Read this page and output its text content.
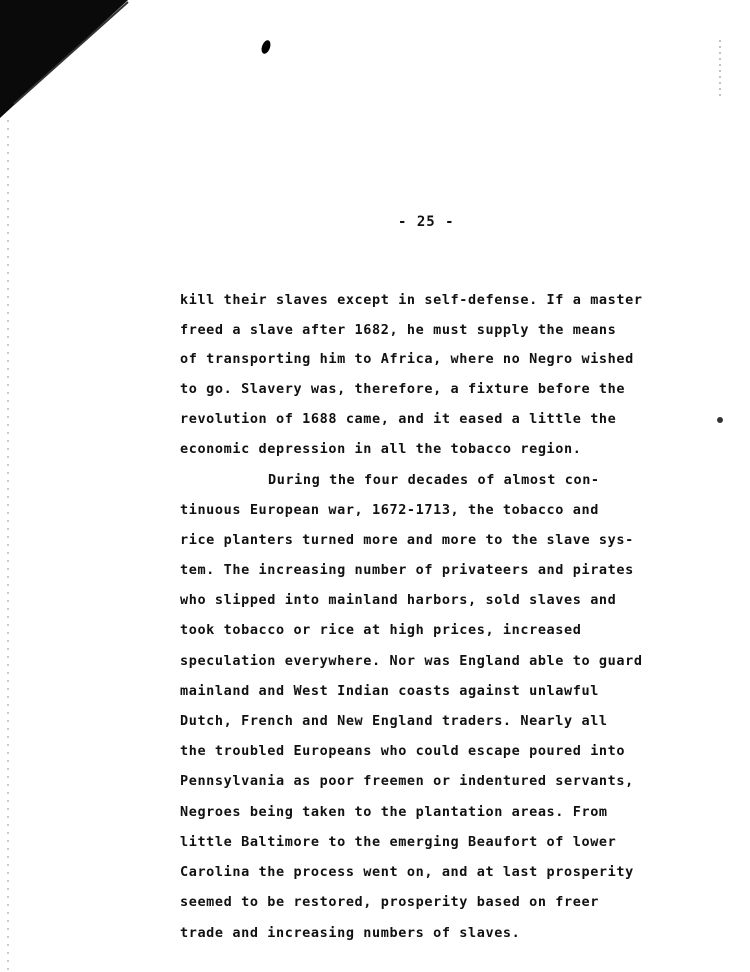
- 25 -
kill their slaves except in self-defense. If a master
freed a slave after 1682, he must supply the means
of transporting him to Africa, where no Negro wished
to go. Slavery was, therefore, a fixture before the
revolution of 1688 came, and it eased a little the
economic depression in all the tobacco region.
During the four decades of almost con-
tinuous European war, 1672-1713, the tobacco and
rice planters turned more and more to the slave sys-
tem. The increasing number of privateers and pirates
who slipped into mainland harbors, sold slaves and
took tobacco or rice at high prices, increased
speculation everywhere. Nor was England able to guard
mainland and West Indian coasts against unlawful
Dutch, French and New England traders. Nearly all
the troubled Europeans who could escape poured into
Pennsylvania as poor freemen or indentured servants,
Negroes being taken to the plantation areas. From
little Baltimore to the emerging Beaufort of lower
Carolina the process went on, and at last prosperity
seemed to be restored, prosperity based on freer
trade and increasing numbers of slaves.
